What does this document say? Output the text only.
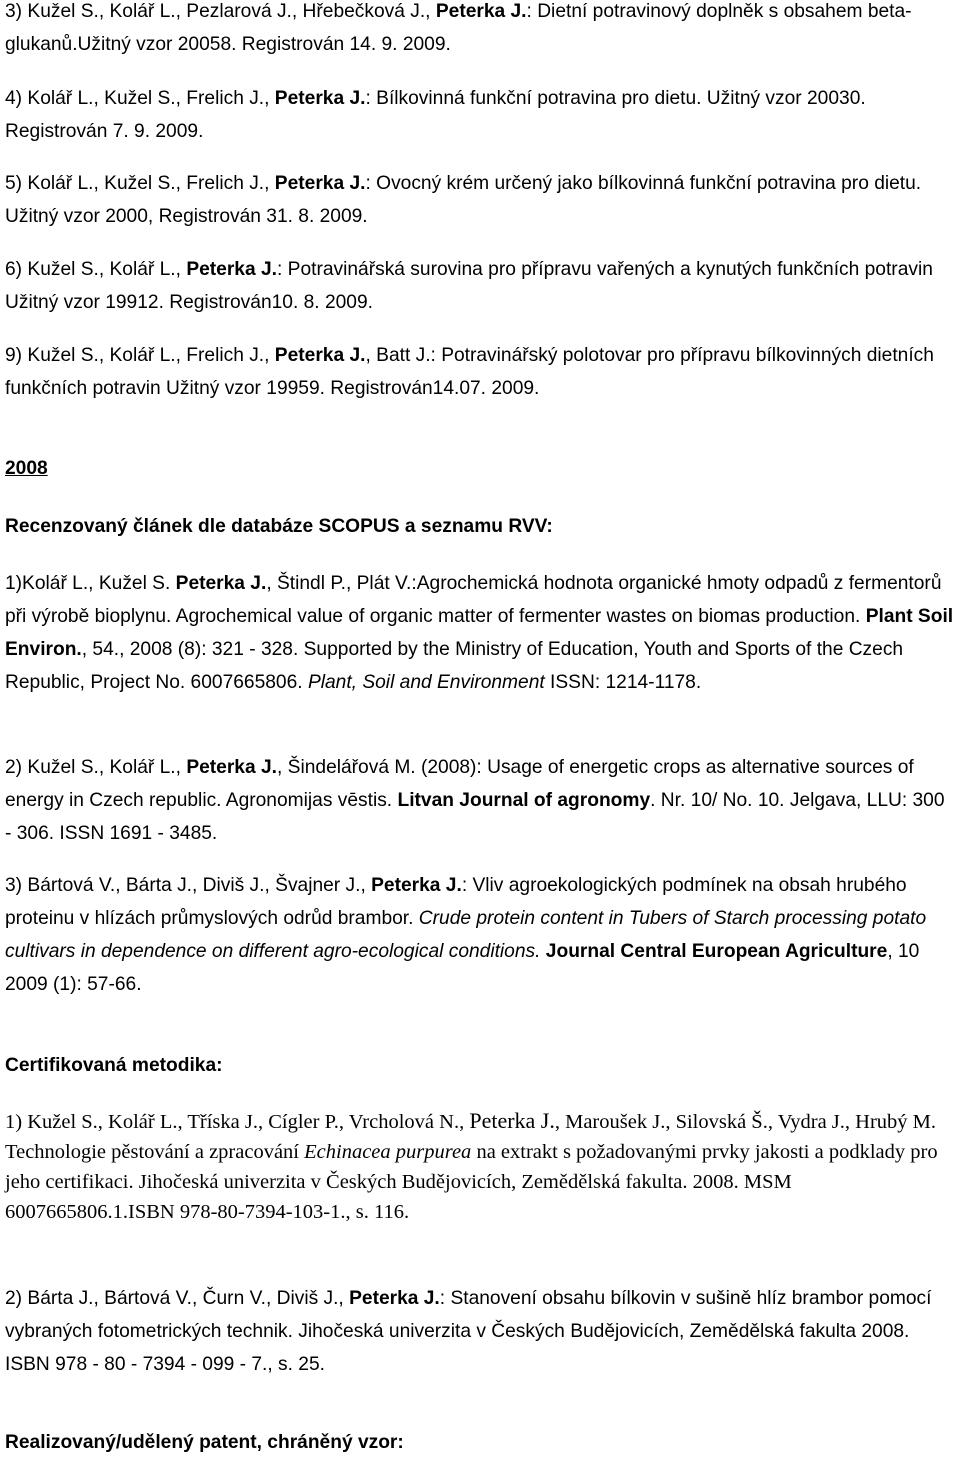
3) Kužel S., Kolář L., Pezlarová J., Hřebečková J., Peterka J.: Dietní potravinový doplněk s obsahem beta-glukanů.Užitný vzor 20058. Registrován 14. 9. 2009.

4) Kolář L., Kužel S., Frelich J., Peterka J.: Bílkovinná funkční potravina pro dietu. Užitný vzor 20030. Registrován 7. 9. 2009.

5) Kolář L., Kužel S., Frelich J., Peterka J.: Ovocný krém určený jako bílkovinná funkční potravina pro dietu. Užitný vzor 2000, Registrován 31. 8. 2009.

6) Kužel S., Kolář L., Peterka J.: Potravinářská surovina pro přípravu vařených a kynutých funkčních potravin Užitný vzor 19912. Registrován10. 8. 2009.

9) Kužel S., Kolář L., Frelich J., Peterka J., Batt J.: Potravinářský polotovar pro přípravu bílkovinných dietních funkčních potravin Užitný vzor 19959. Registrován14.07. 2009.

2008

Recenzovaný článek dle databáze SCOPUS a seznamu RVV:

1)Kolář L., Kužel S. Peterka J., Štindl P., Plát V.:Agrochemická hodnota organické hmoty odpadů z fermentorů při výrobě bioplynu. Agrochemical value of organic matter of fermenter wastes on biomas production. Plant Soil Environ., 54., 2008 (8): 321 - 328. Supported by the Ministry of Education, Youth and Sports of the Czech Republic, Project No. 6007665806. Plant, Soil and Environment ISSN: 1214-1178.

2) Kužel S., Kolář L., Peterka J., Šindelářová M. (2008): Usage of energetic crops as alternative sources of energy in Czech republic. Agronomijas vēstis. Litvan Journal of agronomy. Nr. 10/ No. 10. Jelgava, LLU: 300 - 306. ISSN 1691 - 3485.

3) Bártová V., Bárta J., Diviš J., Švajner J., Peterka J.: Vliv agroekologických podmínek na obsah hrubého proteinu v hlízách průmyslových odrůd brambor. Crude protein content in Tubers of Starch processing potato cultivars in dependence on different agro-ecological conditions. Journal Central European Agriculture, 10 2009 (1): 57-66.

Certifikovaná metodika:

1) Kužel S., Kolář L., Tříska J., Cígler P., Vrcholová N., Peterka J., Maroušek J., Silovská Š., Vydra J., Hrubý M. Technologie pěstování a zpracování Echinacea purpurea na extrakt s požadovanými prvky jakosti a podklady pro jeho certifikaci. Jihočeská univerzita v Českých Budějovicích, Zemědělská fakulta. 2008. MSM 6007665806.1.ISBN 978-80-7394-103-1., s. 116.

2) Bárta J., Bártová V., Čurn V., Diviš J., Peterka J.: Stanovení obsahu bílkovin v sušině hlíz brambor pomocí vybraných fotometrických technik. Jihočeská univerzita v Českých Budějovicích, Zemědělská fakulta 2008. ISBN 978 - 80 - 7394 - 099 - 7., s. 25.

Realizovaný/udělený patent, chráněný vzor:
